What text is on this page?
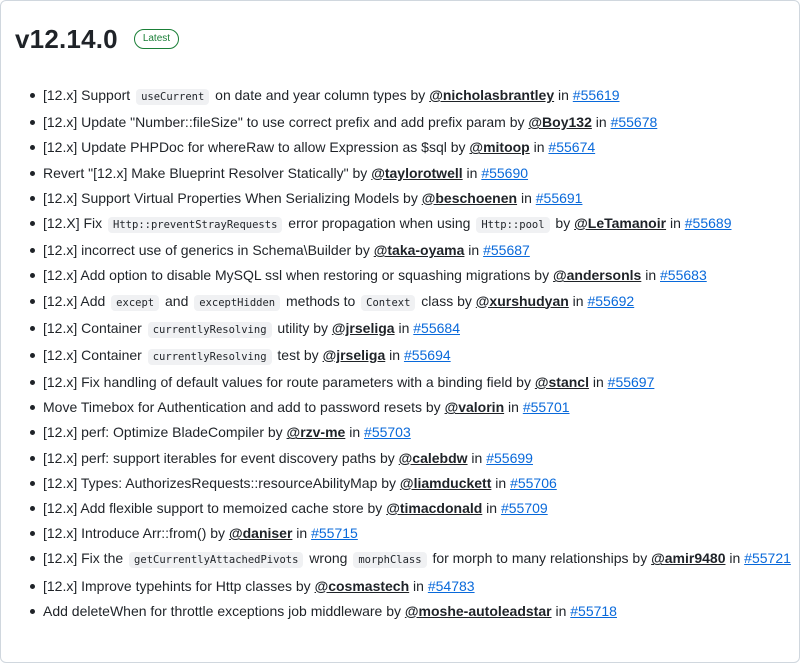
v12.14.0	Latest
[12.x] Support useCurrent on date and year column types by @nicholasbrantley in #55619
[12.x] Update "Number::fileSize" to use correct prefix and add prefix param by @Boy132 in #55678
[12.x] Update PHPDoc for whereRaw to allow Expression as $sql by @mitoop in #55674
Revert "[12.x] Make Blueprint Resolver Statically" by @taylorotwell in #55690
[12.x] Support Virtual Properties When Serializing Models by @beschoenen in #55691
[12.X] Fix Http::preventStrayRequests error propagation when using Http::pool by @LeTamanoir in #55689
[12.x] incorrect use of generics in Schema\Builder by @taka-oyama in #55687
[12.x] Add option to disable MySQL ssl when restoring or squashing migrations by @andersonls in #55683
[12.x] Add except and exceptHidden methods to Context class by @xurshudyan in #55692
[12.x] Container currentlyResolving utility by @jrseliga in #55684
[12.x] Container currentlyResolving test by @jrseliga in #55694
[12.x] Fix handling of default values for route parameters with a binding field by @stancl in #55697
Move Timebox for Authentication and add to password resets by @valorin in #55701
[12.x] perf: Optimize BladeCompiler by @rzv-me in #55703
[12.x] perf: support iterables for event discovery paths by @calebdw in #55699
[12.x] Types: AuthorizesRequests::resourceAbilityMap by @liamduckett in #55706
[12.x] Add flexible support to memoized cache store by @timacdonald in #55709
[12.x] Introduce Arr::from() by @daniser in #55715
[12.x] Fix the getCurrentlyAttachedPivots wrong morphClass for morph to many relationships by @amir9480 in #55721
[12.x] Improve typehints for Http classes by @cosmastech in #54783
Add deleteWhen for throttle exceptions job middleware by @moshe-autoleadstar in #55718
